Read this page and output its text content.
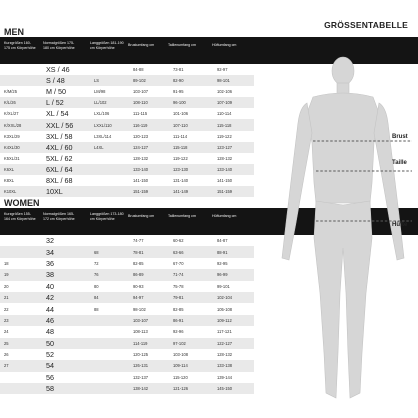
GRÖSSENTABELLE
MEN
Kurzgrößen 160-175 cm Körperhöhe
Normalgrößen 175-180 cm Körperhöhe
Langgrößen 181-190 cm Körperhöhe
Brustumfang cm	Taillenumfang cm	Hüftumfang cm
	XS / 46		84-88	73-81	92-97
	S / 48	LS	89-102	82-90	98-101
K/M/25	M / 50	LM/98	103-107	91-95	102-106
K/L/26	L / 52	LL/102	108-110	96-100	107-109
K/XL/27	XL / 54	LXL/106	111-115	101-106	110-114
K/XXL/28	XXL / 56	LXXL/110	116-119	107-110	115-118
K3XL/29	3XL / 58	L3XL/114	120-123	111-114	119-122
K4XL/30	4XL / 60	L4XL	124-127	115-118	123-127
K5XL/31	5XL / 62		128-132	119-122	128-132
K6XL	6XL / 64		133-140	123-130	133-140
K8XL	8XL / 68		141-150	131-140	141-150
K10XL	10XL		151-159	141-149	151-159
WOMEN
Kurzgrößen 155-164 cm Körperhöhe
Normalgrößen 165-172 cm Körperhöhe
Langgrößen 173-180 cm Körperhöhe
Brustumfang cm	Taillenumfang cm	Hüftumfang cm
	32		74-77	60-62	84-87
	34	68	78-81	63-66	88-91
18	36	72	82-85	67-70	92-95
19	38	76	86-89	71-74	96-99
20	40	80	90-93	75-78	99-101
21	42	84	94-97	79-81	102-104
22	44	88	98-102	82-85	105-108
23	46		103-107	86-91	109-112
24	48		108-113	92-96	117-121
25	50		114-119	97-102	122-127
26	52		120-125	103-108	128-132
27	54		126-131	109-114	133-138
	56		132-137	115-120	139-144
	58		138-142	121-126	145-150
Brust
Taille
Hüfte
